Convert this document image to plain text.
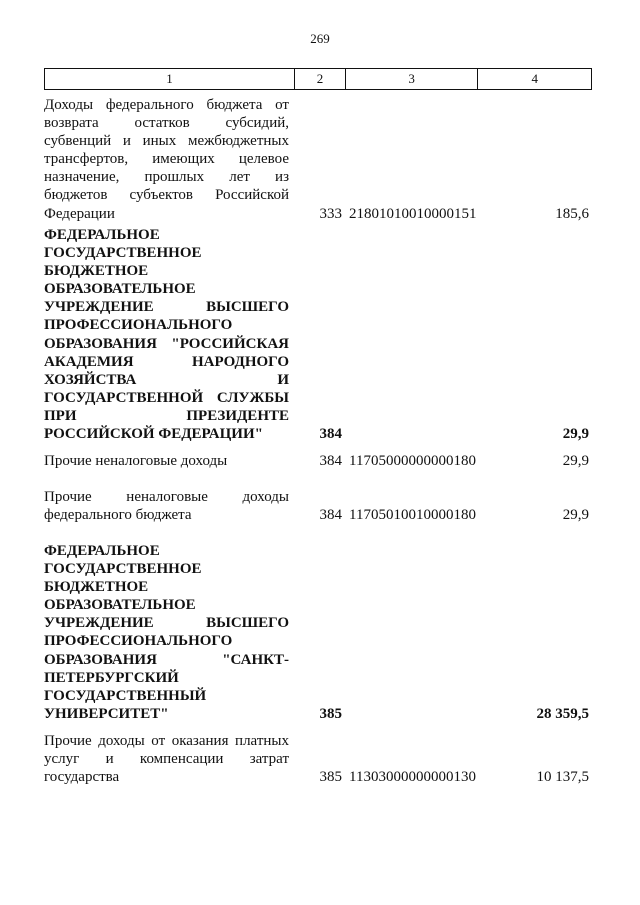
269
1	2	3	4
Доходы федерального бюджета от возврата остатков субсидий, субвенций и иных межбюджетных трансфертов, имеющих целевое назначение, прошлых лет из бюджетов субъектов Российской Федерации	333 21801010010000151	185,6
ФЕДЕРАЛЬНОЕ ГОСУДАРСТВЕННОЕ БЮДЖЕТНОЕ ОБРАЗОВАТЕЛЬНОЕ УЧРЕЖДЕНИЕ ВЫСШЕГО ПРОФЕССИОНАЛЬНОГО ОБРАЗОВАНИЯ "РОССИЙСКАЯ АКАДЕМИЯ НАРОДНОГО ХОЗЯЙСТВА И ГОСУДАРСТВЕННОЙ СЛУЖБЫ ПРИ ПРЕЗИДЕНТЕ РОССИЙСКОЙ ФЕДЕРАЦИИ"	384	29,9
Прочие неналоговые доходы	384 11705000000000180	29,9
Прочие неналоговые доходы федерального бюджета	384 11705010010000180	29,9
ФЕДЕРАЛЬНОЕ ГОСУДАРСТВЕННОЕ БЮДЖЕТНОЕ ОБРАЗОВАТЕЛЬНОЕ УЧРЕЖДЕНИЕ ВЫСШЕГО ПРОФЕССИОНАЛЬНОГО ОБРАЗОВАНИЯ "САНКТ-ПЕТЕРБУРГСКИЙ ГОСУДАРСТВЕННЫЙ УНИВЕРСИТЕТ"	385	28 359,5
Прочие доходы от оказания платных услуг и компенсации затрат государства	385 11303000000000130	10 137,5
